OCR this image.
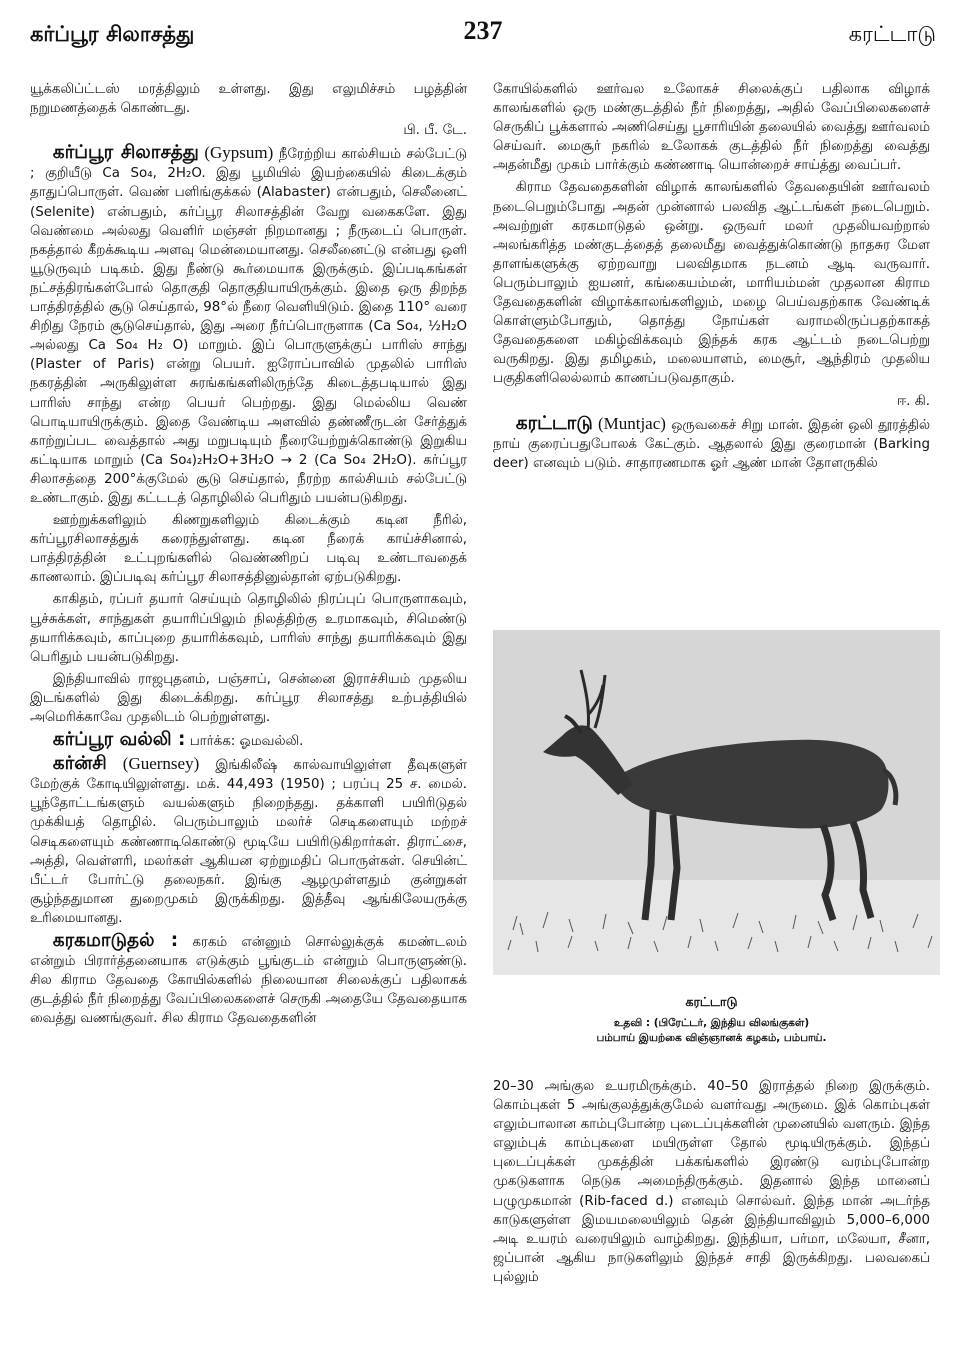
கர்ப்பூர சிலாசத்து	237	கரட்டாடு

யூக்கலிப்ட்டஸ் மரத்திலும் உள்ளது. இது எலுமிச்சம் பழத்தின் நறுமணத்தைக் கொண்டது.

பி. பீ. டே.

கர்ப்பூர சிலாசத்து (Gypsum) நீரேற்றிய கால்சியம் சல்பேட்டு ; குறியீடு Ca So₄, 2H₂O. இது பூமியில் இயற்கையில் கிடைக்கும் தாதுப்பொருள். வெண் பளிங்குக்கல் (Alabaster) என்பதும், செலீனைட் (Selenite) என்பதும், கர்ப்பூர சிலாசத்தின் வேறு வகைகளே. இது வெண்மை அல்லது வெளிர் மஞ்சள் நிறமானது ; நீருடைப் பொருள். நகத்தால் கீறக்கூடிய அளவு மென்மையானது. செலீனைட்டு என்பது ஒளி யூடுருவும் படிகம். இது நீண்டு கூர்மையாக இருக்கும். இப்படிகங்கள் நட்சத்திரங்கள்போல் தொகுதி தொகுதியாயிருக்கும். இதை ஒரு திறந்த பாத்திரத்தில் சூடு செய்தால், 98°ல் நீரை வெளியிடும். இதை 110° வரை சிறிது நேரம் சூடுசெய்தால், இது அரை நீர்ப்பொருளாக (Ca So₄, ½H₂O அல்லது Ca So₄ H₂ O) மாறும். இப் பொருளுக்குப் பாரிஸ் சாந்து (Plaster of Paris) என்று பெயர். ஐரோப்பாவில் முதலில் பாரிஸ் நகரத்தின் அருகிலுள்ள சுரங்கங்களிலிருந்தே கிடைத்தபடியால் இது பாரிஸ் சாந்து என்ற பெயர் பெற்றது. இது மெல்லிய வெண் பொடியாயிருக்கும். இதை வேண்டிய அளவில் தண்ணீருடன் சேர்த்துக் காற்றுப்பட வைத்தால் அது மறுபடியும் நீரையேற்றுக்கொண்டு இறுகிய கட்டியாக மாறும் (Ca So₄)₂H₂O+3H₂O → 2 (Ca So₄ 2H₂O). கர்ப்பூர சிலாசத்தை 200°க்குமேல் சூடு செய்தால், நீரற்ற கால்சியம் சல்பேட்டு உண்டாகும். இது கட்டடத் தொழிலில் பெரிதும் பயன்படுகிறது.

ஊற்றுக்களிலும் கிணறுகளிலும் கிடைக்கும் கடின நீரில், கர்ப்பூரசிலாசத்துக் கரைந்துள்ளது. கடின நீரைக் காய்ச்சினால், பாத்திரத்தின் உட்புறங்களில் வெண்ணிறப் படிவு உண்டாவதைக் காணலாம். இப்படிவு கர்ப்பூர சிலாசத்தினுல்தான் ஏற்படுகிறது.

காகிதம், ரப்பர் தயார் செய்யும் தொழிலில் நிரப்புப் பொருளாகவும், பூச்சுக்கள், சாந்துகள் தயாரிப்பிலும் நிலத்திற்கு உரமாகவும், சிமெண்டு தயாரிக்கவும், காப்புறை தயாரிக்கவும், பாரிஸ் சாந்து தயாரிக்கவும் இது பெரிதும் பயன்படுகிறது.

இந்தியாவில் ராஜபுதனம், பஞ்சாப், சென்னை இராச்சியம் முதலிய இடங்களில் இது கிடைக்கிறது. கர்ப்பூர சிலாசத்து உற்பத்தியில் அமெரிக்காவே முதலிடம் பெற்றுள்ளது.

கர்ப்பூர வல்லி : பார்க்க: ஓமவல்லி.

கர்ன்சி (Guernsey) இங்கிலீஷ் கால்வாயிலுள்ள தீவுகளுள் மேற்குக் கோடியிலுள்ளது. மக். 44,493 (1950) ; பரப்பு 25 ச. மைல். பூந்தோட்டங்களும் வயல்களும் நிறைந்தது. தக்காளி பயிரிடுதல் முக்கியத் தொழில். பெரும்பாலும் மலர்ச் செடிகளையும் மற்றச் செடிகளையும் கண்ணாடிகொண்டு மூடியே பயிரிடுகிறார்கள். திராட்சை, அத்தி, வெள்ளரி, மலர்கள் ஆகியன ஏற்றுமதிப் பொருள்கள். செயின்ட் பீட்டர் போர்ட்டு தலைநகர். இங்கு ஆழமுள்ளதும் குன்றுகள் சூழ்ந்ததுமான துறைமுகம் இருக்கிறது. இத்தீவு ஆங்கிலேயருக்கு உரிமையானது.

கரகமாடுதல் : கரகம் என்னும் சொல்லுக்குக் கமண்டலம் என்றும் பிரார்த்தனையாக எடுக்கும் பூங்குடம் என்றும் பொருளுண்டு. சில கிராம தேவதை கோயில்களில் நிலையான சிலைக்குப் பதிலாகக் குடத்தில் நீர் நிறைத்து வேப்பிலைகளைச் செருகி அதையே தேவதையாக வைத்து வணங்குவர். சில கிராம தேவதைகளின்

கோயில்களில் ஊர்வல உலோகச் சிலைக்குப் பதிலாக விழாக் காலங்களில் ஒரு மண்குடத்தில் நீர் நிறைத்து, அதில் வேப்பிலைகளைச் செருகிப் பூக்களால் அணிசெய்து பூசாரியின் தலையில் வைத்து ஊர்வலம் செய்வர். மைசூர் நகரில் உலோகக் குடத்தில் நீர் நிறைத்து வைத்து அதன்மீது முகம் பார்க்கும் கண்ணாடி யொன்றைச் சாய்த்து வைப்பர்.

கிராம தேவதைகளின் விழாக் காலங்களில் தேவதையின் ஊர்வலம் நடைபெறும்போது அதன் முன்னால் பலவித ஆட்டங்கள் நடைபெறும். அவற்றுள் கரகமாடுதல் ஒன்று. ஒருவர் மலர் முதலியவற்றால் அலங்கரித்த மண்குடத்தைத் தலைமீது வைத்துக்கொண்டு நாதசுர மேள தாளங்களுக்கு ஏற்றவாறு பலவிதமாக நடனம் ஆடி வருவார். பெரும்பாலும் ஐயனர், கங்கையம்மன், மாரியம்மன் முதலான கிராம தேவதைகளின் விழாக்காலங்களிலும், மழை பெய்வதற்காக வேண்டிக் கொள்ளும்போதும், தொத்து நோய்கள் வராமலிருப்பதற்காகத் தேவதைகளை மகிழ்விக்கவும் இந்தக் கரக ஆட்டம் நடைபெற்று வருகிறது. இது தமிழகம், மலையாளம், மைசூர், ஆந்திரம் முதலிய பகுதிகளிலெல்லாம் காணப்படுவதாகும்.

ஈ. கி.

கரட்டாடு (Muntjac) ஒருவகைச் சிறு மான். இதன் ஒலி தூரத்தில் நாய் குரைப்பதுபோலக் கேட்கும். ஆதலால் இது குரைமான் (Barking deer) எனவும் படும். சாதாரணமாக ஓர் ஆண் மான் தோளருகில்

கரட்டாடு
உதவி : (பிரேட்டர், இந்திய விலங்குகள்)
பம்பாய் இயற்கை விஞ்ஞானக் கழகம், பம்பாய்.

20–30 அங்குல உயரமிருக்கும். 40–50 இராத்தல் நிறை இருக்கும். கொம்புகள் 5 அங்குலத்துக்குமேல் வளர்வது அருமை. இக் கொம்புகள் எலும்பாலான காம்புபோன்ற புடைப்புக்களின் முனையில் வளரும். இந்த எலும்புக் காம்புகளை மயிருள்ள தோல் மூடியிருக்கும். இந்தப் புடைப்புக்கள் முகத்தின் பக்கங்களில் இரண்டு வரம்புபோன்ற முகடுகளாக நெடுக அமைந்திருக்கும். இதனால் இந்த மானைப் பழுமுகமான் (Rib-faced d.) எனவும் சொல்வர். இந்த மான் அடர்ந்த காடுகளுள்ள இமயமலையிலும் தென் இந்தியாவிலும் 5,000–6,000 அடி உயரம் வரையிலும் வாழ்கிறது. இந்தியா, பர்மா, மலேயா, சீனா, ஜப்பான் ஆகிய நாடுகளிலும் இந்தச் சாதி இருக்கிறது. பலவகைப் புல்லும்
